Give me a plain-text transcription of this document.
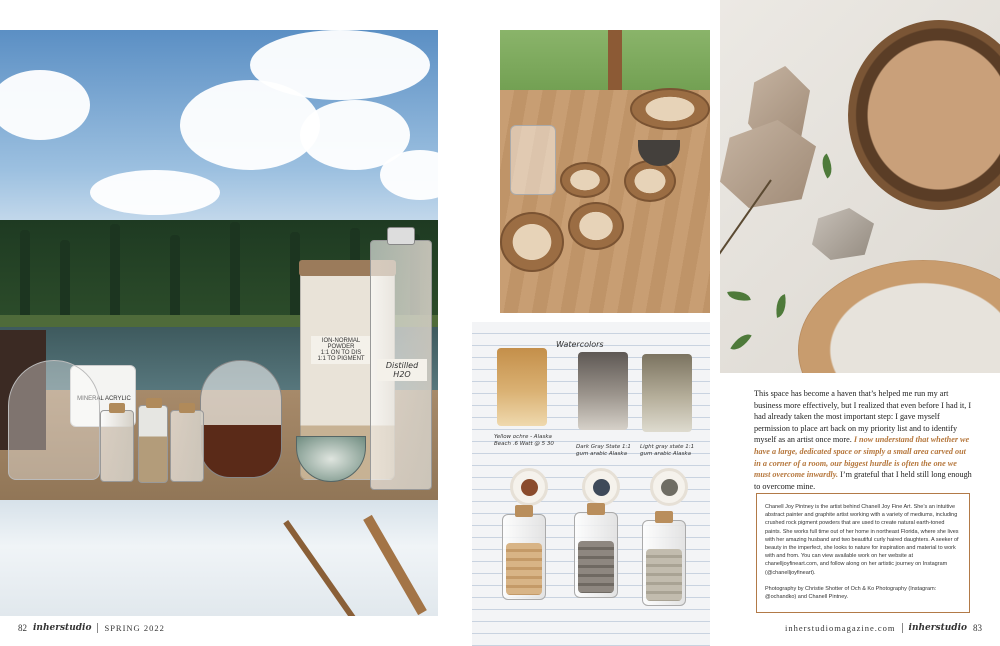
ION-NORMAL POWDER
1:1 ON TO DIS
1:1 TO PIGMENT
Distilled H2O
MINERAL ACRYLIC
Watercolors
Yellow ochre - Alaska Beach .6 Watt @ 5 30
Dark Gray State 1:1 gum arabic Alaska
Light gray state 1:1 gum arabic Alaska
This space has become a haven that’s helped me run my art business more effectively, but I realized that even before I had it, I had already taken the most important step: I gave myself permission to place art back on my priority list and to identify myself as an artist once more. I now understand that whether we have a large, dedicated space or simply a small area carved out in a corner of a room, our biggest hurdle is often the one we must overcome inwardly. I’m grateful that I held still long enough to overcome mine.

Chanell Joy Pintney is the artist behind Chanell Joy Fine Art. She’s an intuitive abstract painter and graphite artist working with a variety of mediums, including crushed rock pigment powders that are used to create natural earth-toned paints. She works full time out of her home in northeast Florida, where she lives with her amazing husband and two beautiful curly haired daughters. A seeker of beauty in the imperfect, she looks to nature for inspiration and material to work with and from. You can view available work on her website at chanelljoyfineart.com, and follow along on her artistic journey on Instagram (@chanelljoyfineart).

Photography by Christie Shotter of Och & Ko Photography (Instagram: @ochandko) and Chanell Pintney.

82 inherstudio SPRING 2022	inherstudiomagazine.com inherstudio 83
